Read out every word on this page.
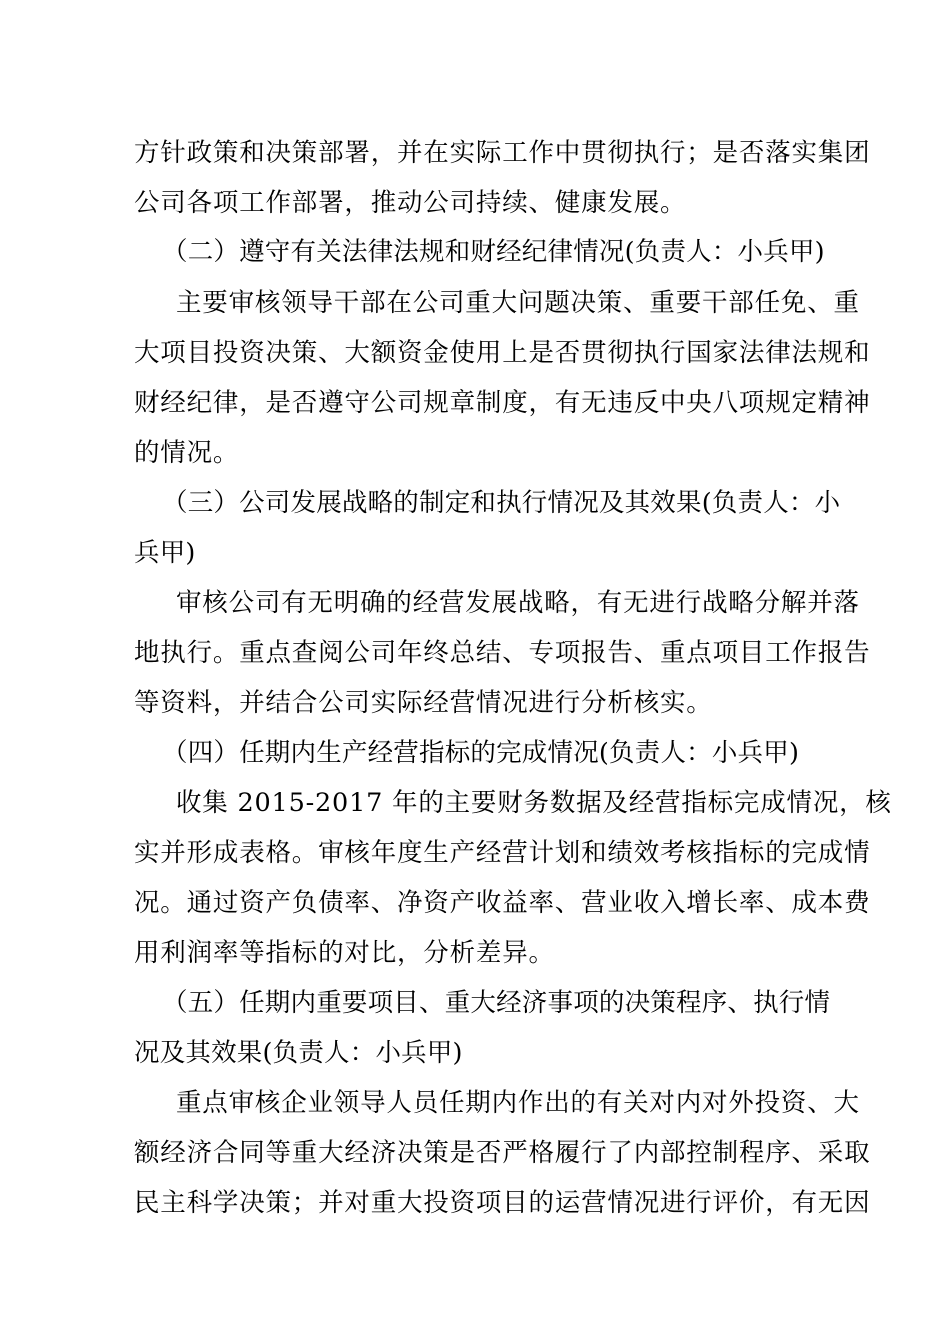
方针政策和决策部署，并在实际工作中贯彻执行；是否落实集团
公司各项工作部署，推动公司持续、健康发展。
（二）遵守有关法律法规和财经纪律情况(负责人：小兵甲)
主要审核领导干部在公司重大问题决策、重要干部任免、重
大项目投资决策、大额资金使用上是否贯彻执行国家法律法规和
财经纪律，是否遵守公司规章制度，有无违反中央八项规定精神
的情况。
（三）公司发展战略的制定和执行情况及其效果(负责人：小
兵甲)
审核公司有无明确的经营发展战略，有无进行战略分解并落
地执行。重点查阅公司年终总结、专项报告、重点项目工作报告
等资料，并结合公司实际经营情况进行分析核实。
（四）任期内生产经营指标的完成情况(负责人：小兵甲)
收集 2015-2017 年的主要财务数据及经营指标完成情况，核
实并形成表格。审核年度生产经营计划和绩效考核指标的完成情
况。通过资产负债率、净资产收益率、营业收入增长率、成本费
用利润率等指标的对比，分析差异。
（五）任期内重要项目、重大经济事项的决策程序、执行情
况及其效果(负责人：小兵甲)
重点审核企业领导人员任期内作出的有关对内对外投资、大
额经济合同等重大经济决策是否严格履行了内部控制程序、采取
民主科学决策；并对重大投资项目的运营情况进行评价，有无因
